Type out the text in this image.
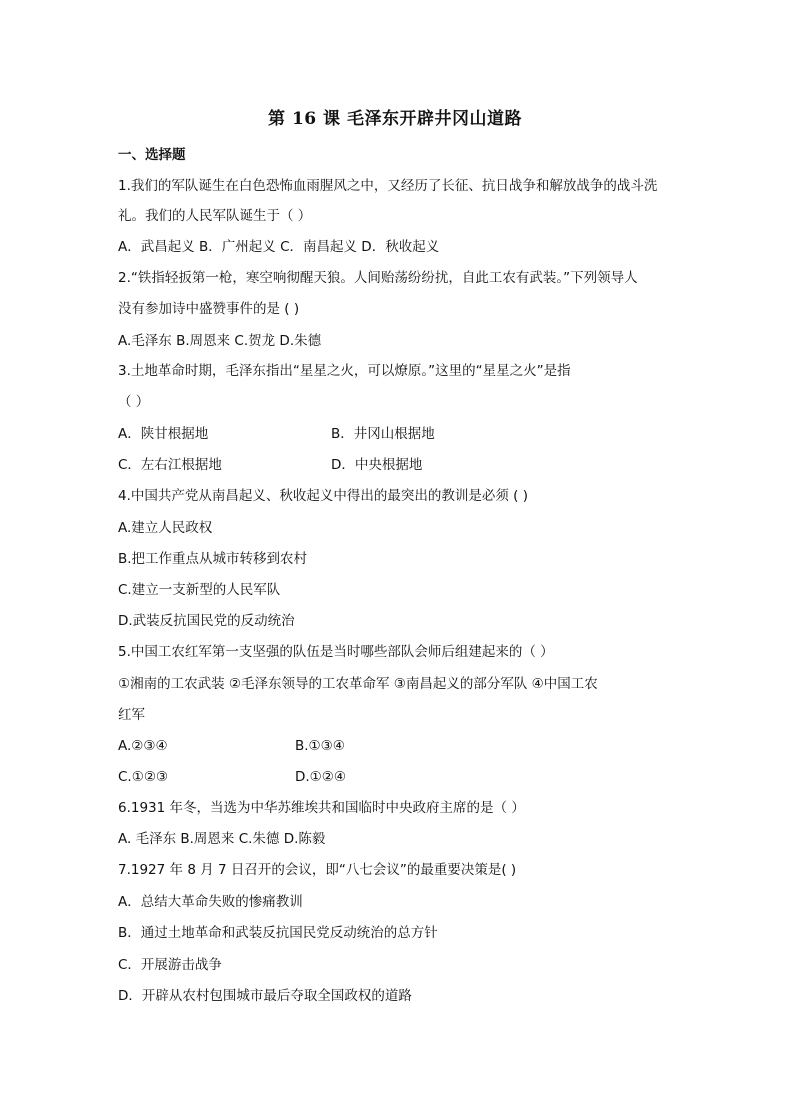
第 16 课 毛泽东开辟井冈山道路
一、选择题
1.我们的军队诞生在白色恐怖血雨腥风之中，又经历了长征、抗日战争和解放战争的战斗洗
礼。我们的人民军队诞生于（ ）
A．武昌起义 B．广州起义 C．南昌起义 D．秋收起义
2.“铁指轻扳第一枪，寒空响彻醒天狼。人间贻荡纷纷扰，自此工农有武装。”下列领导人
没有参加诗中盛赞事件的是 ( )
A.毛泽东 B.周恩来 C.贺龙 D.朱德
3.土地革命时期，毛泽东指出“星星之火，可以燎原。”这里的“星星之火”是指
（ ）
A．陕甘根据地	B．井冈山根据地
C．左右江根据地	D．中央根据地
4.中国共产党从南昌起义、秋收起义中得出的最突出的教训是必须 ( )
A.建立人民政权
B.把工作重点从城市转移到农村
C.建立一支新型的人民军队
D.武装反抗国民党的反动统治
5.中国工农红军第一支坚强的队伍是当时哪些部队会师后组建起来的（ ）
①湘南的工农武装 ②毛泽东领导的工农革命军 ③南昌起义的部分军队 ④中国工农
红军
A.②③④	B.①③④
C.①②③	D.①②④
6.1931 年冬，当选为中华苏维埃共和国临时中央政府主席的是（ ）
A. 毛泽东 B.周恩来 C.朱德 D.陈毅
7.1927 年 8 月 7 日召开的会议，即“八七会议”的最重要决策是( )
A．总结大革命失败的惨痛教训
B．通过土地革命和武装反抗国民党反动统治的总方针
C．开展游击战争
D．开辟从农村包围城市最后夺取全国政权的道路
